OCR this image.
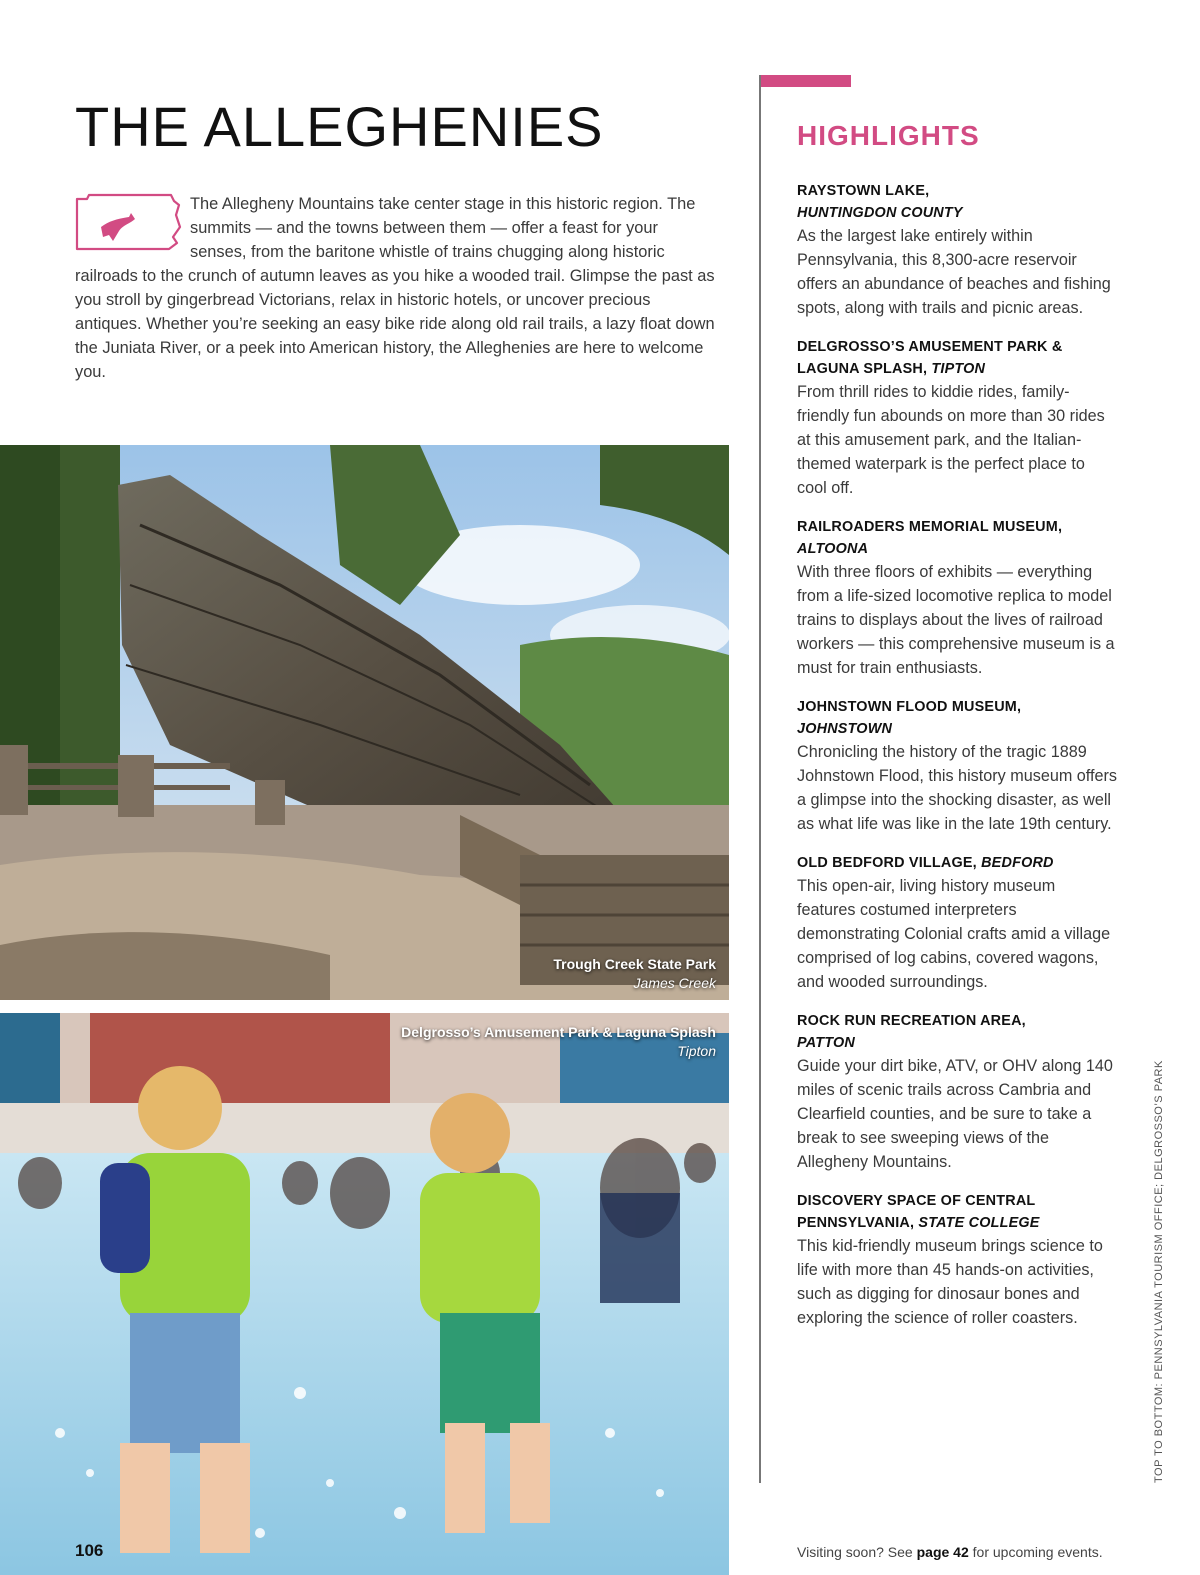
THE ALLEGHENIES

The Allegheny Mountains take center stage in this historic region. The summits — and the towns between them — offer a feast for your senses, from the baritone whistle of trains chugging along historic railroads to the crunch of autumn leaves as you hike a wooded trail. Glimpse the past as you stroll by gingerbread Victorians, relax in historic hotels, or uncover precious antiques. Whether you’re seeking an easy bike ride along old rail trails, a lazy float down the Juniata River, or a peek into American history, the Alleghenies are here to welcome you.

Trough Creek State Park
James Creek
Delgrosso’s Amusement Park & Laguna Splash
Tipton
HIGHLIGHTS
RAYSTOWN LAKE,
HUNTINGDON COUNTY
As the largest lake entirely within Pennsylvania, this 8,300-acre reservoir offers an abundance of beaches and fishing spots, along with trails and picnic areas.
DELGROSSO’S AMUSEMENT PARK & LAGUNA SPLASH, TIPTON
From thrill rides to kiddie rides, family-friendly fun abounds on more than 30 rides at this amusement park, and the Italian-themed waterpark is the perfect place to cool off.
RAILROADERS MEMORIAL MUSEUM, ALTOONA
With three floors of exhibits — everything from a life-sized locomotive replica to model trains to displays about the lives of railroad workers — this comprehensive museum is a must for train enthusiasts.
JOHNSTOWN FLOOD MUSEUM,
JOHNSTOWN
Chronicling the history of the tragic 1889 Johnstown Flood, this history museum offers a glimpse into the shocking disaster, as well as what life was like in the late 19th century.
OLD BEDFORD VILLAGE, BEDFORD
This open-air, living history museum features costumed interpreters demonstrating Colonial crafts amid a village comprised of log cabins, covered wagons, and wooded surroundings.
ROCK RUN RECREATION AREA,
PATTON
Guide your dirt bike, ATV, or OHV along 140 miles of scenic trails across Cambria and Clearfield counties, and be sure to take a break to see sweeping views of the Allegheny Mountains.
DISCOVERY SPACE OF CENTRAL PENNSYLVANIA, STATE COLLEGE
This kid-friendly museum brings science to life with more than 45 hands-on activities, such as digging for dinosaur bones and exploring the science of roller coasters.	TOP TO BOTTOM: PENNSYLVANIA TOURISM OFFICE; DELGROSSO’S PARK
106	Visiting soon? See page 42 for upcoming events.
